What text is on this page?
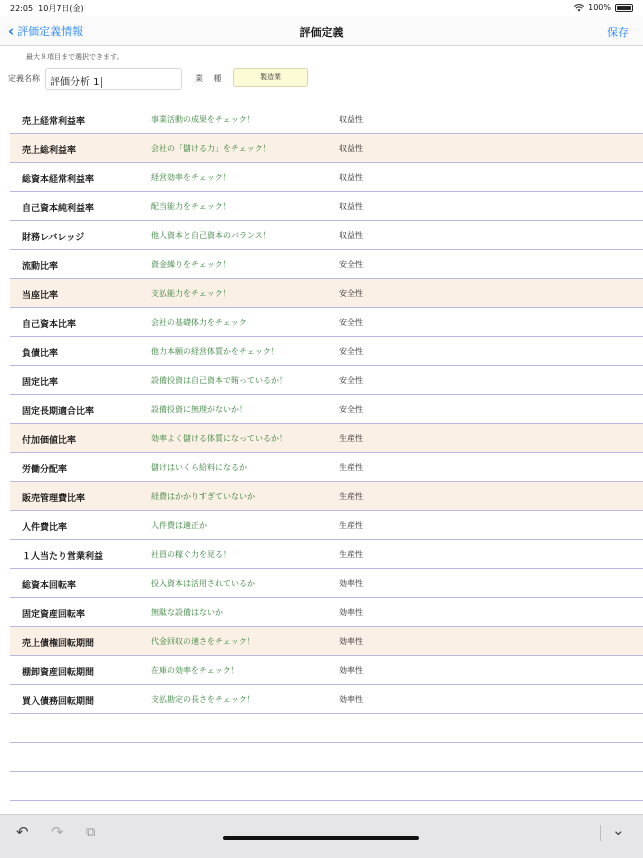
22:05 10月7日(金)	100%
‹ 評価定義情報	評価定義	保存
最大８項目まで選択できます。
定義名称	評価分析 1	業 種	製造業
売上経常利益率	事業活動の成果をチェック！	収益性
売上総利益率	会社の「儲ける力」をチェック！	収益性
総資本経常利益率	経営効率をチェック！	収益性
自己資本純利益率	配当能力をチェック！	収益性
財務レバレッジ	他人資本と自己資本のバランス！	収益性
流動比率	資金繰りをチェック！	安全性
当座比率	支払能力をチェック！	安全性
自己資本比率	会社の基礎体力をチェック	安全性
負債比率	他力本願の経営体質かをチェック！	安全性
固定比率	設備投資は自己資本で賄っているか！	安全性
固定長期適合比率	設備投資に無理がないか！	安全性
付加価値比率	効率よく儲ける体質になっているか！	生産性
労働分配率	儲けはいくら給料になるか	生産性
販売管理費比率	経費はかかりすぎていないか	生産性
人件費比率	人件費は適正か	生産性
１人当たり営業利益	社員の稼ぐ力を見る！	生産性
総資本回転率	投入資本は活用されているか	効率性
固定資産回転率	無駄な設備はないか	効率性
売上債権回転期間	代金回収の速さをチェック！	効率性
棚卸資産回転期間	在庫の効率をチェック！	効率性
買入債務回転期間	支払勘定の長さをチェック！	効率性
↶ ↷ ⧉	⌄
